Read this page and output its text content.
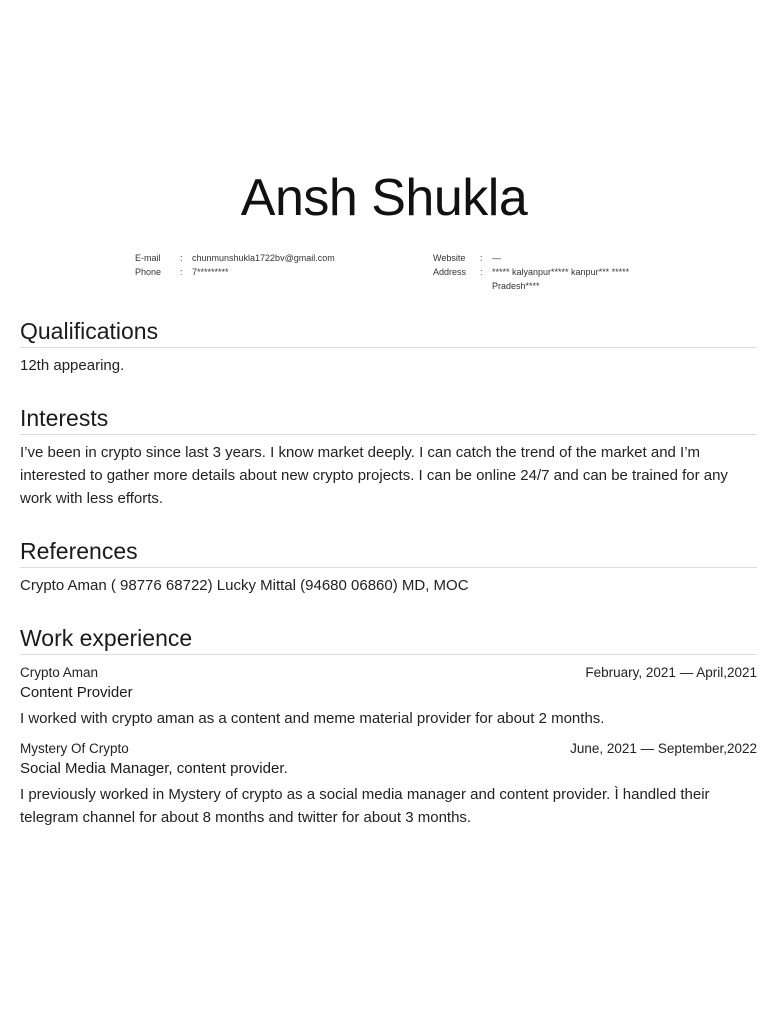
Ansh Shukla
E-mail	:	chunmunshukla1722bv@gmail.com
Phone	:	7*********
Website	:	—
Address	:	***** kalyanpur***** kanpur*** ***** Pradesh****
Qualifications
12th appearing.
Interests
I’ve been in crypto since last 3 years. I know market deeply. I can catch the trend of the market and I’m interested to gather more details about new crypto projects. I can be online 24/7 and can be trained for any work with less efforts.
References
Crypto Aman ( 98776 68722) Lucky Mittal (94680 06860) MD, MOC
Work experience
Crypto Aman	February, 2021 — April,2021
Content Provider
I worked with crypto aman as a content and meme material provider for about 2 months.
Mystery Of Crypto	June, 2021 — September,2022
Social Media Manager, content provider.
I previously worked in Mystery of crypto as a social media manager and content provider. Ì handled their telegram channel for about 8 months and twitter for about 3 months.
